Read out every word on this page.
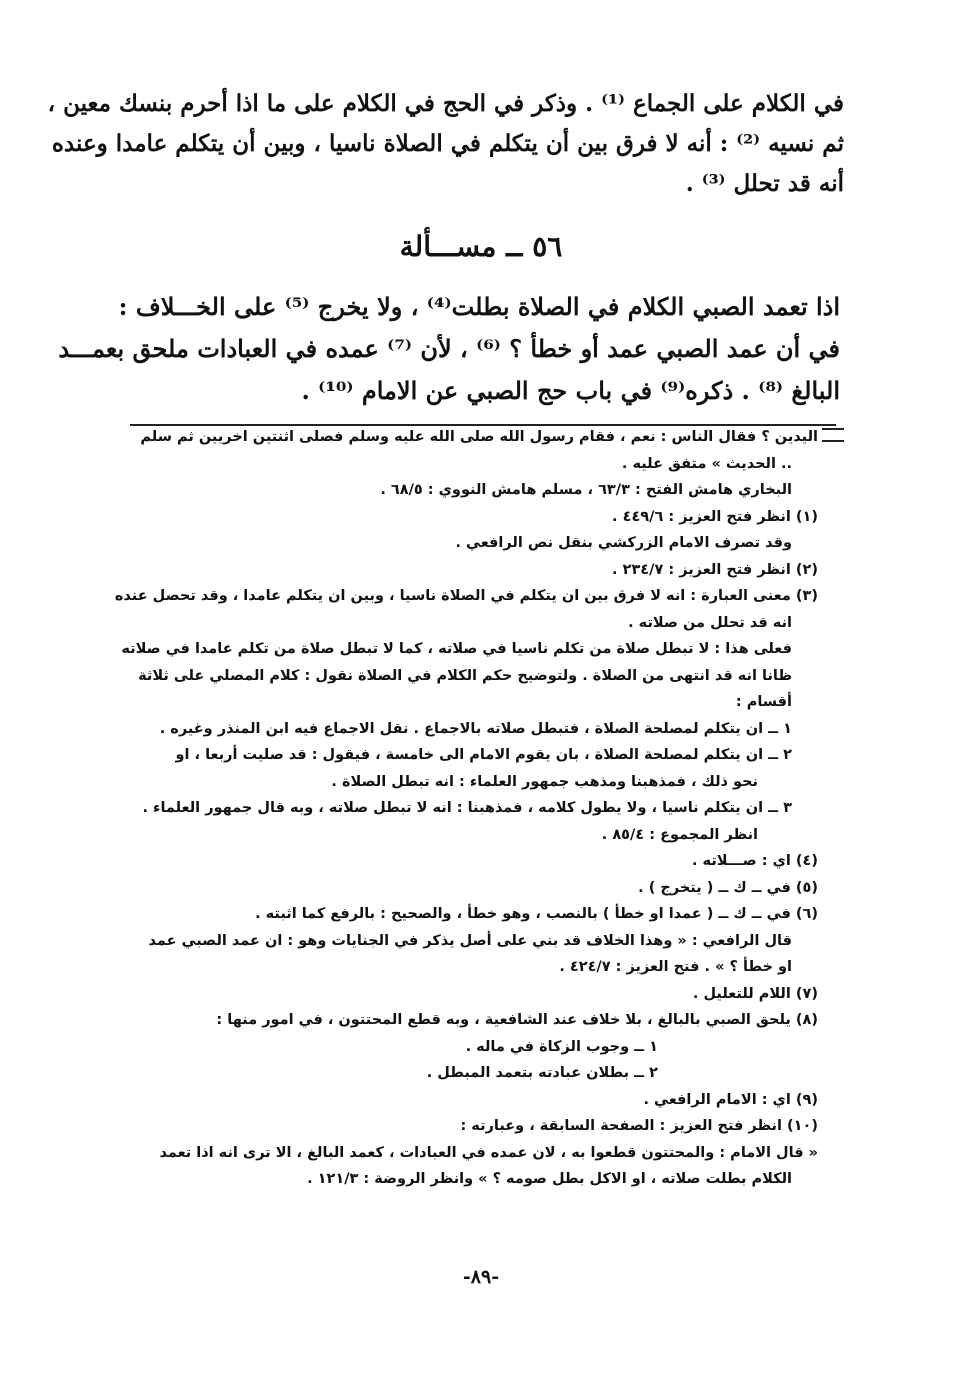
في الكلام على الجماع ⁽¹⁾ . وذكر في الحج في الكلام على ما اذا أحرم بنسك معين ،
ثم نسيه ⁽²⁾ : أنه لا فرق بين أن يتكلم في الصلاة ناسيا ، وبين أن يتكلم عامدا وعنده
أنه قد تحلل ⁽³⁾ .
٥٦ ــ مســـألة
اذا تعمد الصبي الكلام في الصلاة بطلت⁽⁴⁾ ، ولا يخرج ⁽⁵⁾ على الخـــلاف :
في أن عمد الصبي عمد أو خطأ ؟ ⁽⁶⁾ ، لأن ⁽⁷⁾ عمده في العبادات ملحق بعمـــد
البالغ ⁽⁸⁾ . ذكره⁽⁹⁾ في باب حج الصبي عن الامام ⁽¹⁰⁾ .
اليدين ؟ فقال الناس : نعم ، فقام رسول الله صلى الله عليه وسلم فصلى اثنتين اخريين ثم سلم
.. الحديث » متفق عليه .
البخاري هامش الفتح : ٦٣/٣ ، مسلم هامش النووي : ٦٨/٥ .
(١) انظر فتح العزيز : ٤٤٩/٦ .
وقد تصرف الامام الزركشي بنقل نص الرافعي .
(٢) انظر فتح العزيز : ٢٣٤/٧ .
(٣) معنى العبارة : انه لا فرق بين ان يتكلم في الصلاة ناسيا ، وبين ان يتكلم عامدا ، وقد تحصل عنده
انه قد تحلل من صلاته .
فعلى هذا : لا تبطل صلاة من تكلم ناسيا في صلاته ، كما لا تبطل صلاة من تكلم عامدا في صلاته
ظانا انه قد انتهى من الصلاة . ولتوضيح حكم الكلام في الصلاة نقول : كلام المصلي على ثلاثة
أقسام :
١ ــ ان يتكلم لمصلحة الصلاة ، فتبطل صلاته بالاجماع . نقل الاجماع فيه ابن المنذر وغيره .
٢ ــ ان يتكلم لمصلحة الصلاة ، بان يقوم الامام الى خامسة ، فيقول : قد صليت أربعا ، او
نحو ذلك ، فمذهبنا ومذهب جمهور العلماء : انه تبطل الصلاة .
٣ ــ ان يتكلم ناسيا ، ولا يطول كلامه ، فمذهبنا : انه لا تبطل صلاته ، وبه قال جمهور العلماء .
انظر المجموع : ٨٥/٤ .
(٤) اي : صـــلاته .
(٥) في ــ ك ــ ( يتخرج ) .
(٦) في ــ ك ــ ( عمدا او خطأ ) بالنصب ، وهو خطأ ، والصحيح : بالرفع كما اثبته .
قال الرافعي : « وهذا الخلاف قد بني على أصل يذكر في الجنايات وهو : ان عمد الصبي عمد
او خطأ ؟ » . فتح العزيز : ٤٢٤/٧ .
(٧) اللام للتعليل .
(٨) يلحق الصبي بالبالغ ، بلا خلاف عند الشافعية ، وبه قطع المحتتون ، في امور منها :
١ ــ وجوب الزكاة في ماله .
٢ ــ بطلان عبادته بتعمد المبطل .
(٩) اي : الامام الرافعي .
(١٠) انظر فتح العزيز : الصفحة السابقة ، وعبارته :
« قال الامام : والمحتتون قطعوا به ، لان عمده في العبادات ، كعمد البالغ ، الا ترى انه اذا تعمد
الكلام بطلت صلاته ، او الاكل بطل صومه ؟ » وانظر الروضة : ١٢١/٣ .
-٨٩-
